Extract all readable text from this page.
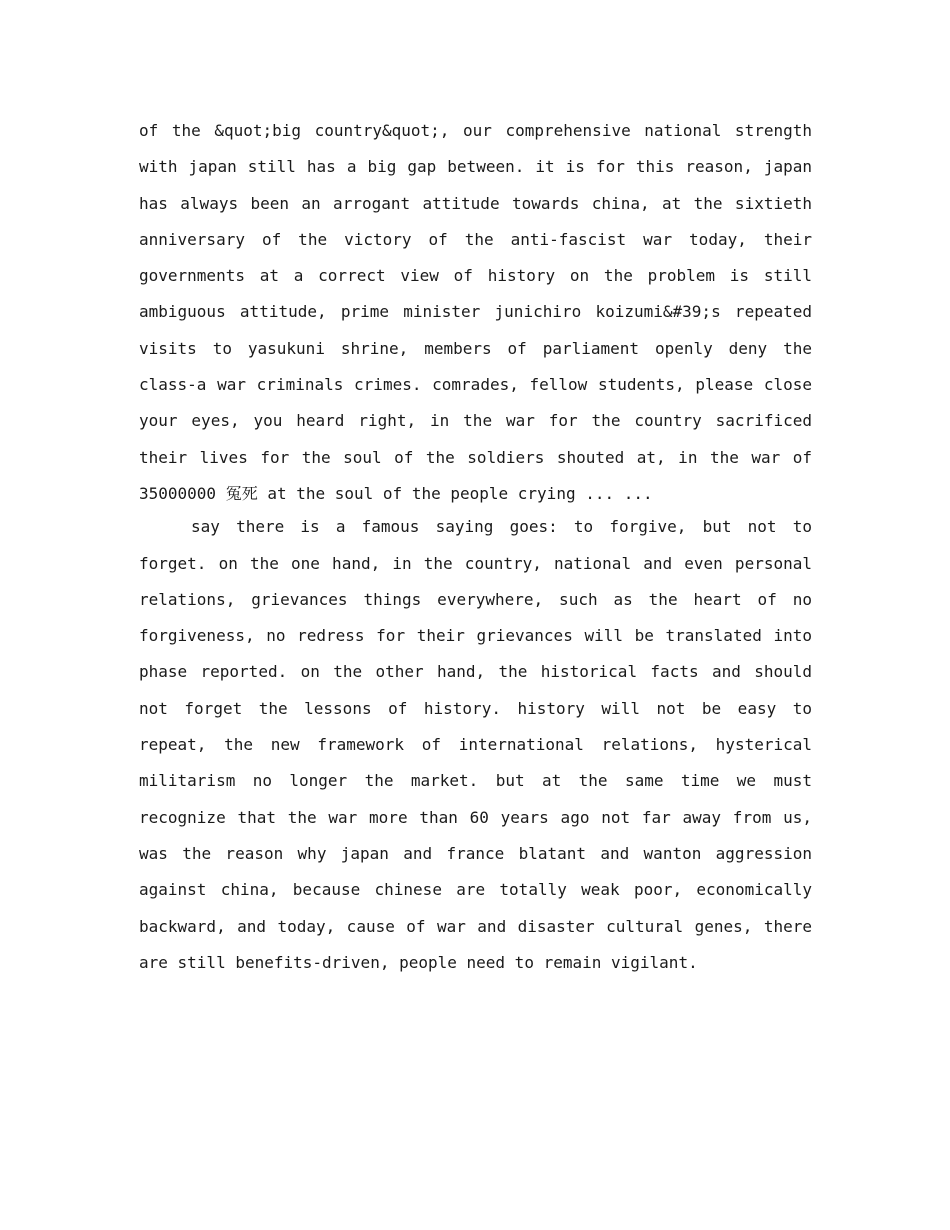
of the &quot;big country&quot;, our comprehensive national strength with japan still has a big gap between. it is for this reason, japan has always been an arrogant attitude towards china, at the sixtieth anniversary of the victory of the anti-fascist war today, their governments at a correct view of history on the problem is still ambiguous attitude, prime minister junichiro koizumi&#39;s repeated visits to yasukuni shrine, members of parliament openly deny the class-a war criminals crimes. comrades, fellow students, please close your eyes, you heard right, in the war for the country sacrificed their lives for the soul of the soldiers shouted at, in the war of 35000000 冤死 at the soul of the people crying ... ...

say there is a famous saying goes: to forgive, but not to forget. on the one hand, in the country, national and even personal relations, grievances things everywhere, such as the heart of no forgiveness, no redress for their grievances will be translated into phase reported. on the other hand, the historical facts and should not forget the lessons of history. history will not be easy to repeat, the new framework of international relations, hysterical militarism no longer the market. but at the same time we must recognize that the war more than 60 years ago not far away from us, was the reason why japan and france blatant and wanton aggression against china, because chinese are totally weak poor, economically backward, and today, cause of war and disaster cultural genes, there are still benefits-driven, people need to remain vigilant.
